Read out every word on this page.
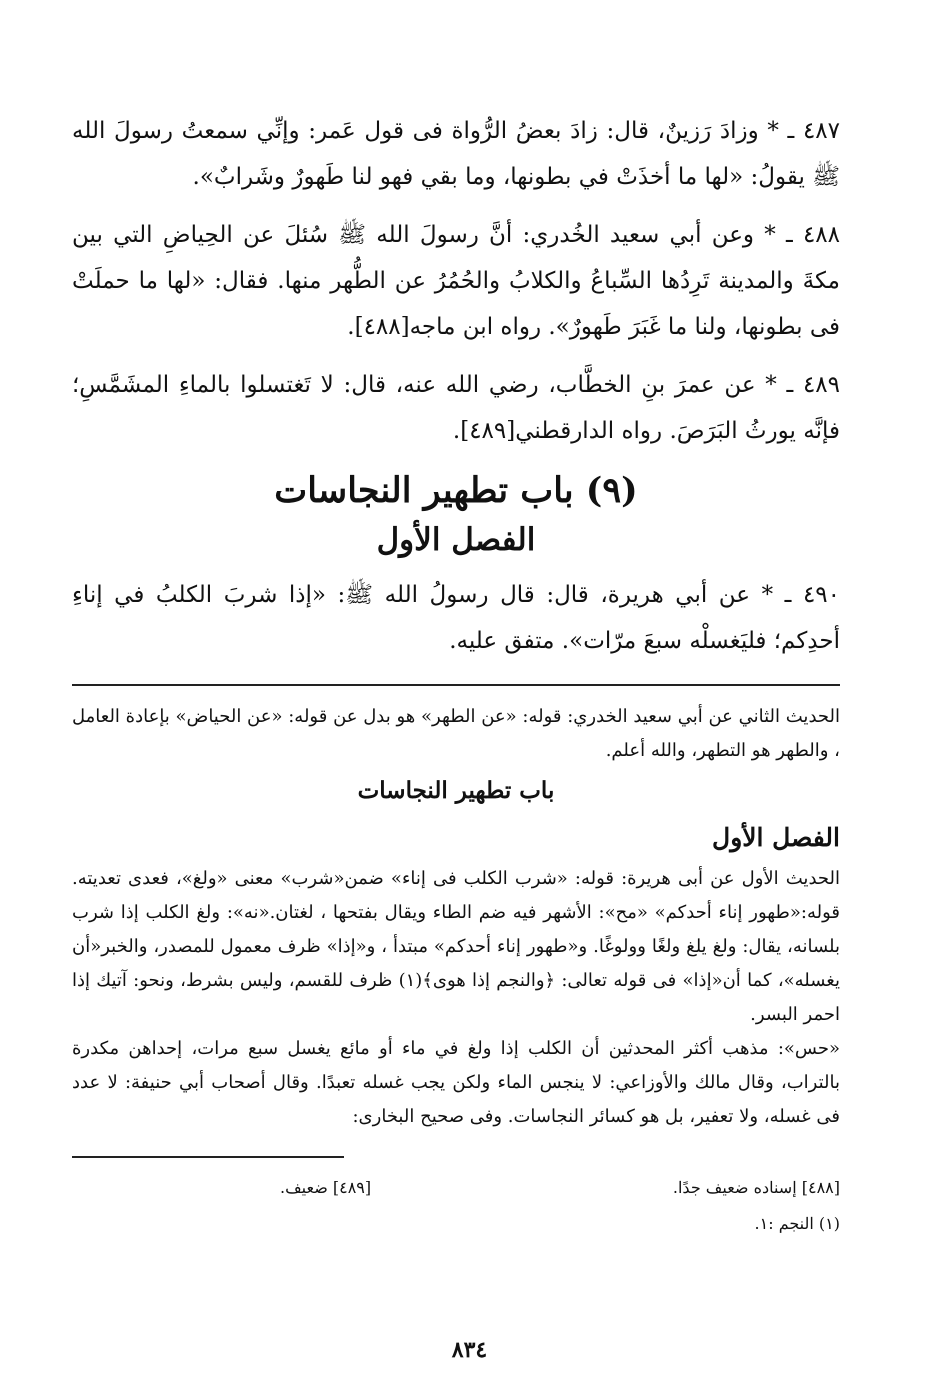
٤٨٧ ـ * وزادَ رَزينٌ، قال: زادَ بعضُ الرُّواة فى قول عَمر: وإنِّي سمعتُ رسولَ الله ﷺ يقولُ: «لها ما أخذَتْ في بطونها، وما بقي فهو لنا طَهورٌ وشَرابٌ».

٤٨٨ ـ * وعن أبي سعيد الخُدري: أنَّ رسولَ الله ﷺ سُئلَ عن الحِياضِ التي بين مكةَ والمدينة تَرِدُها السِّباعُ والكلابُ والحُمُرُ عن الطُّهر منها. فقال: «لها ما حملَتْ فى بطونها، ولنا ما غَبَرَ طَهورٌ». رواه ابن ماجه[٤٨٨].

٤٨٩ ـ * عن عمرَ بنِ الخطَّاب، رضي الله عنه، قال: لا تَغتسلوا بالماءِ المشَمَّسِ؛ فإنَّه يورثُ البَرَصَ. رواه الدارقطني[٤٨٩].

(٩) باب تطهير النجاسات
الفصل الأول

٤٩٠ ـ * عن أبي هريرة، قال: قال رسولُ الله ﷺ: «إذا شربَ الكلبُ في إناءِ أحدِكم؛ فليَغسلْه سبعَ مرّات». متفق عليه.

الحديث الثاني عن أبي سعيد الخدري: قوله: «عن الطهر» هو بدل عن قوله: «عن الحياض» بإعادة العامل ، والطهر هو التطهر، والله أعلم.

باب تطهير النجاسات
الفصل الأول

الحديث الأول عن أبى هريرة: قوله: «شرب الكلب فى إناء» ضمن«شرب» معنى «ولغ»، فعدى تعديته. قوله:«طهور إناء أحدكم» «مح»: الأشهر فيه ضم الطاء ويقال بفتحها ، لغتان.«نه»: ولغ الكلب إذا شرب بلسانه، يقال: ولغ يلغ ولغًا وولوغًا. و«طهور إناء أحدكم» مبتدأ ، و«إذا» ظرف معمول للمصدر، والخبر«أن يغسله»، كما أن«إذا» فى قوله تعالى: ﴿والنجم إذا هوى﴾(١) ظرف للقسم، وليس بشرط، ونحو: آتيك إذا احمر البسر.

«حس»: مذهب أكثر المحدثين أن الكلب إذا ولغ في ماء أو مائع يغسل سبع مرات، إحداهن مكدرة بالتراب، وقال مالك والأوزاعي: لا ينجس الماء ولكن يجب غسله تعبدًا. وقال أصحاب أبي حنيفة: لا عدد فى غسله، ولا تعفير، بل هو كسائر النجاسات. وفى صحيح البخارى:

[٤٨٨] إسناده ضعيف جدًا.
[٤٨٩] ضعيف.
(١) النجم :١.
٨٣٤
